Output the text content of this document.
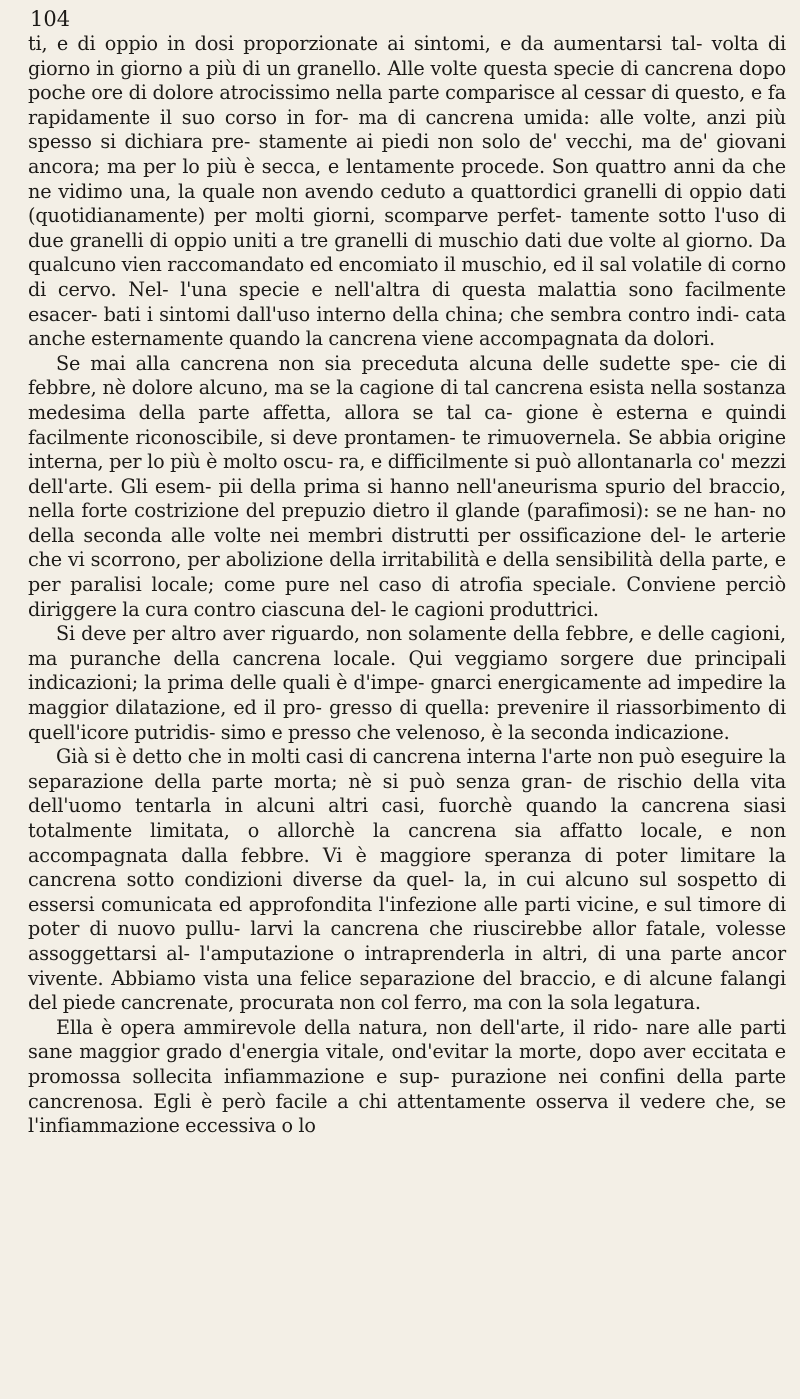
104

ti, e di oppio in dosi proporzionate ai sintomi, e da aumentarsi tal- volta di giorno in giorno a più di un granello. Alle volte questa specie di cancrena dopo poche ore di dolore atrocissimo nella parte comparisce al cessar di questo, e fa rapidamente il suo corso in for- ma di cancrena umida: alle volte, anzi più spesso si dichiara pre- stamente ai piedi non solo de' vecchi, ma de' giovani ancora; ma per lo più è secca, e lentamente procede. Son quattro anni da che ne vidimo una, la quale non avendo ceduto a quattordici granelli di oppio dati (quotidianamente) per molti giorni, scomparve perfet- tamente sotto l'uso di due granelli di oppio uniti a tre granelli di muschio dati due volte al giorno. Da qualcuno vien raccomandato ed encomiato il muschio, ed il sal volatile di corno di cervo. Nel- l'una specie e nell'altra di questa malattia sono facilmente esacer- bati i sintomi dall'uso interno della china; che sembra contro indi- cata anche esternamente quando la cancrena viene accompagnata da dolori.

Se mai alla cancrena non sia preceduta alcuna delle sudette spe- cie di febbre, nè dolore alcuno, ma se la cagione di tal cancrena esista nella sostanza medesima della parte affetta, allora se tal ca- gione è esterna e quindi facilmente riconoscibile, si deve prontamen- te rimuovernela. Se abbia origine interna, per lo più è molto oscu- ra, e difficilmente si può allontanarla co' mezzi dell'arte. Gli esem- pii della prima si hanno nell'aneurisma spurio del braccio, nella forte costrizione del prepuzio dietro il glande (parafimosi): se ne han- no della seconda alle volte nei membri distrutti per ossificazione del- le arterie che vi scorrono, per abolizione della irritabilità e della sensibilità della parte, e per paralisi locale; come pure nel caso di atrofia speciale. Conviene perciò diriggere la cura contro ciascuna del- le cagioni produttrici.

Si deve per altro aver riguardo, non solamente della febbre, e delle cagioni, ma puranche della cancrena locale. Qui veggiamo sorgere due principali indicazioni; la prima delle quali è d'impe- gnarci energicamente ad impedire la maggior dilatazione, ed il pro- gresso di quella: prevenire il riassorbimento di quell'icore putridis- simo e presso che velenoso, è la seconda indicazione.

Già si è detto che in molti casi di cancrena interna l'arte non può eseguire la separazione della parte morta; nè si può senza gran- de rischio della vita dell'uomo tentarla in alcuni altri casi, fuorchè quando la cancrena siasi totalmente limitata, o allorchè la cancrena sia affatto locale, e non accompagnata dalla febbre. Vi è maggiore speranza di poter limitare la cancrena sotto condizioni diverse da quel- la, in cui alcuno sul sospetto di essersi comunicata ed approfondita l'infezione alle parti vicine, e sul timore di poter di nuovo pullu- larvi la cancrena che riuscirebbe allor fatale, volesse assoggettarsi al- l'amputazione o intraprenderla in altri, di una parte ancor vivente. Abbiamo vista una felice separazione del braccio, e di alcune falangi del piede cancrenate, procurata non col ferro, ma con la sola legatura.

Ella è opera ammirevole della natura, non dell'arte, il rido- nare alle parti sane maggior grado d'energia vitale, ond'evitar la morte, dopo aver eccitata e promossa sollecita infiammazione e sup- purazione nei confini della parte cancrenosa. Egli è però facile a chi attentamente osserva il vedere che, se l'infiammazione eccessiva o lo
